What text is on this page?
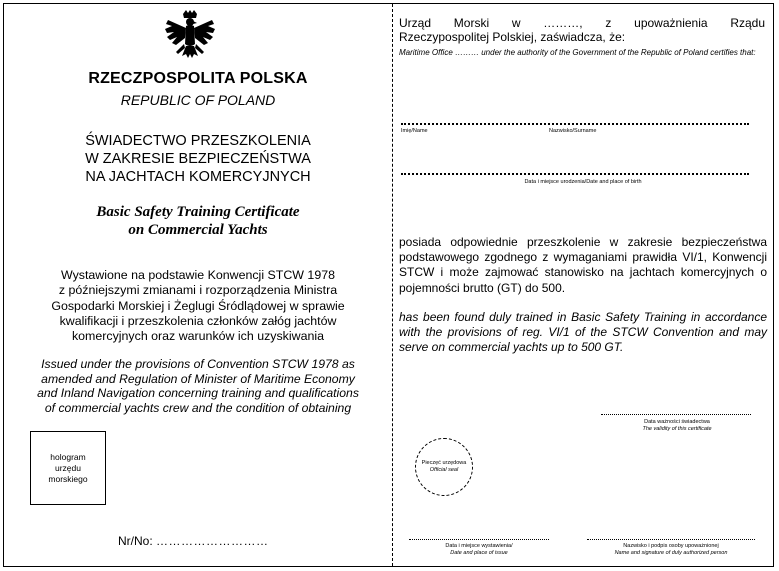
RZECZPOSPOLITA POLSKA
REPUBLIC OF POLAND
ŚWIADECTWO PRZESZKOLENIA
W ZAKRESIE BEZPIECZEŃSTWA
NA JACHTACH KOMERCYJNYCH
Basic Safety Training Certificate
on Commercial Yachts
Wystawione na podstawie Konwencji STCW 1978
z późniejszymi zmianami i rozporządzenia Ministra
Gospodarki Morskiej i Żeglugi Śródlądowej w sprawie
kwalifikacji i przeszkolenia członków załóg jachtów
komercyjnych oraz warunków ich uzyskiwania
Issued under the provisions of Convention STCW 1978 as
amended and Regulation of Minister of Maritime Economy
and Inland Navigation concerning training and qualifications
of commercial yachts crew and the condition of obtaining
hologram
urzędu
morskiego
Nr/No: ………………………
Urząd Morski w ………, z upoważnienia Rządu
Rzeczypospolitej Polskiej, zaświadcza, że:
Maritime Office ……… under the authority of the Government of the Republic of Poland certifies that:
Imię/Name	Nazwisko/Surname
Data i miejsce urodzenia/Date and place of birth
posiada odpowiednie przeszkolenie w zakresie bezpieczeństwa podstawowego zgodnego z wymaganiami prawidła VI/1, Konwencji STCW i może zajmować stanowisko na jachtach komercyjnych o pojemności brutto (GT) do 500.
has been found duly trained in Basic Safety Training in accordance with the provisions of reg. VI/1 of the STCW Convention and may serve on commercial yachts up to 500 GT.
Data ważności świadectwa
The validity of this certificate
Pieczęć urzędowa
Official seal
Data i miejsce wystawienia/
Date and place of issue
Nazwisko i podpis osoby upoważnionej
Name and signature of duly authorized person
